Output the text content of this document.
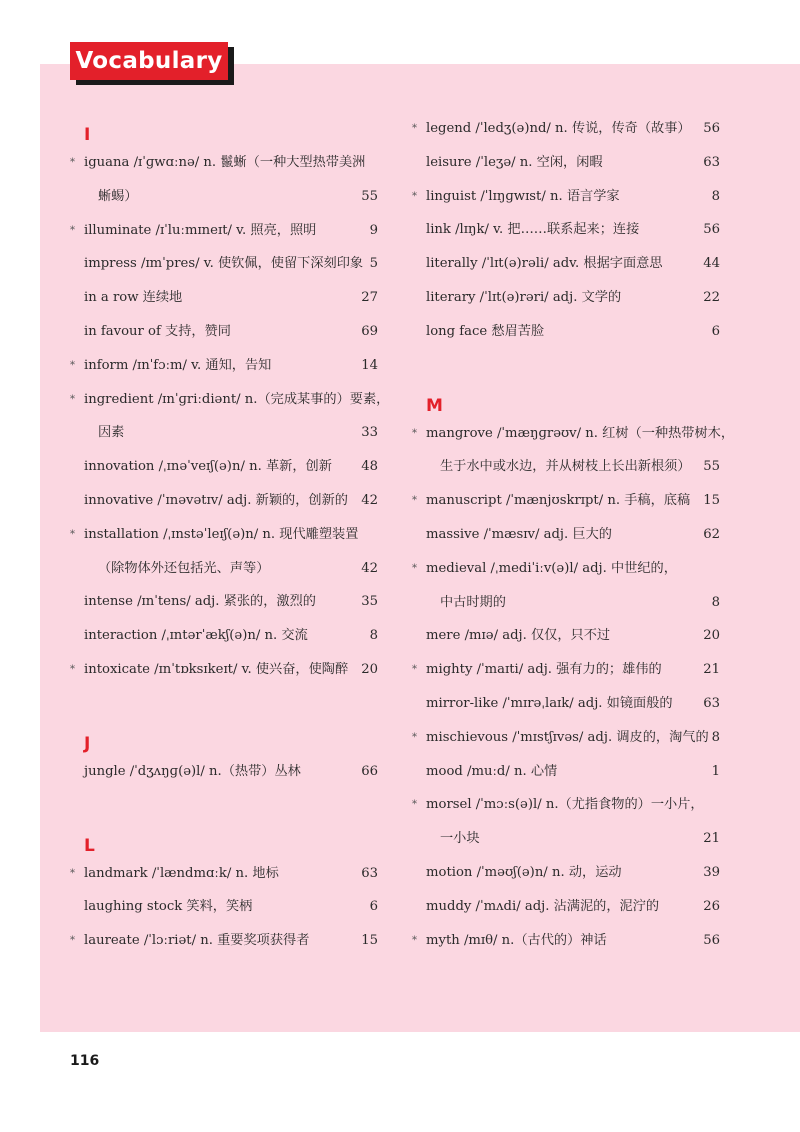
Vocabulary
I
* iguana /ɪˈɡwɑːnə/ n. 鬣蜥（一种大型热带美洲
蜥蜴）	55
* illuminate /ɪˈluːmɪneɪt/ v. 照亮，照明	9
impress /ɪmˈpres/ v. 使钦佩，使留下深刻印象 5
in a row 连续地	27
in favour of 支持，赞同	69
* inform /ɪnˈfɔːm/ v. 通知，告知	14
* ingredient /ɪnˈɡriːdiənt/ n.（完成某事的）要素，
因素	33
innovation /ˌɪnəˈveɪʃ(ə)n/ n. 革新，创新 48
innovative /ˈɪnəvətɪv/ adj. 新颖的，创新的 42
* installation /ˌɪnstəˈleɪʃ(ə)n/ n. 现代雕塑装置
（除物体外还包括光、声等）	42
intense /ɪnˈtens/ adj. 紧张的，激烈的	35
interaction /ˌɪntərˈækʃ(ə)n/ n. 交流	8
* intoxicate /ɪnˈtɒksɪkeɪt/ v. 使兴奋，使陶醉 20
J
jungle /ˈdʒʌŋɡ(ə)l/ n.（热带）丛林	66
L
* landmark /ˈlændmɑːk/ n. 地标	63
laughing stock 笑料，笑柄	6
* laureate /ˈlɔːriət/ n. 重要奖项获得者	15
* legend /ˈledʒ(ə)nd/ n. 传说，传奇（故事） 56
leisure /ˈleʒə/ n. 空闲，闲暇	63
* linguist /ˈlɪŋɡwɪst/ n. 语言学家	8
link /lɪŋk/ v. 把……联系起来；连接	56
literally /ˈlɪt(ə)rəli/ adv. 根据字面意思	44
literary /ˈlɪt(ə)rəri/ adj. 文学的	22
long face 愁眉苦脸	6
M
* mangrove /ˈmæŋɡrəʊv/ n. 红树（一种热带树木，
生于水中或水边，并从树枝上长出新根须） 55
* manuscript /ˈmænjʊskrɪpt/ n. 手稿，底稿 15
massive /ˈmæsɪv/ adj. 巨大的	62
* medieval /ˌmediˈiːv(ə)l/ adj. 中世纪的，
中古时期的	8
mere /mɪə/ adj. 仅仅，只不过	20
* mighty /ˈmaɪti/ adj. 强有力的；雄伟的	21
mirror-like /ˈmɪrəˌlaɪk/ adj. 如镜面般的 63
* mischievous /ˈmɪstʃɪvəs/ adj. 调皮的，淘气的 8
mood /muːd/ n. 心情	1
* morsel /ˈmɔːs(ə)l/ n.（尤指食物的）一小片，
一小块	21
motion /ˈməʊʃ(ə)n/ n. 动，运动	39
muddy /ˈmʌdi/ adj. 沾满泥的，泥泞的	26
* myth /mɪθ/ n.（古代的）神话	56
116
